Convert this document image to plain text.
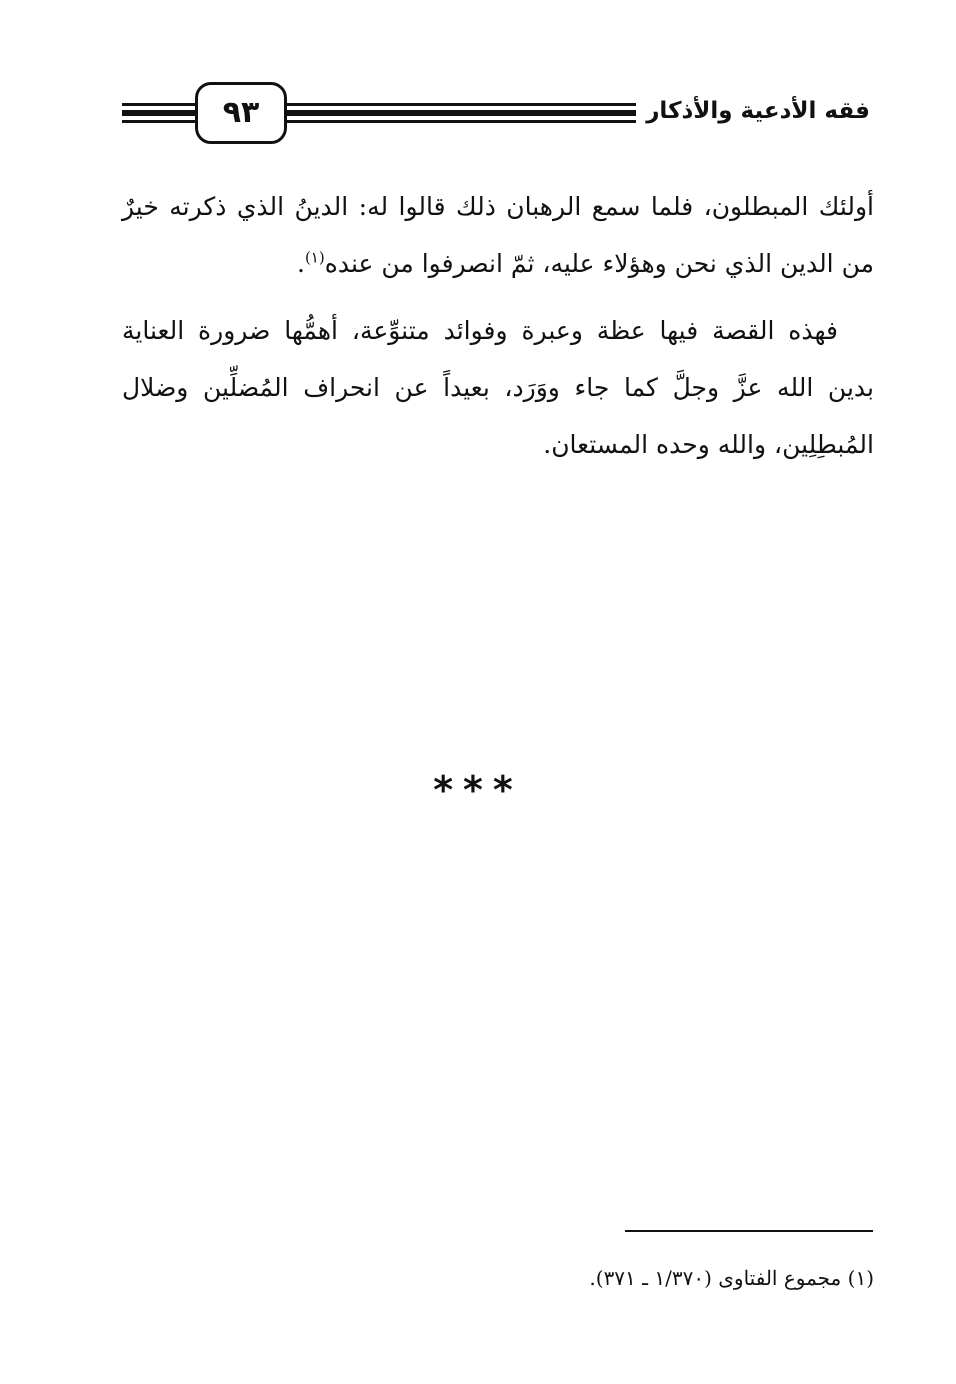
٩٣	فقه الأدعية والأذكار

أولئك المبطلون، فلما سمع الرهبان ذلك قالوا له: الدينُ الذي ذكرته خيرٌ من الدين الذي نحن وهؤلاء عليه، ثمّ انصرفوا من عنده$^{(١)}$.

فهذه القصة فيها عظة وعبرة وفوائد متنوِّعة، أهمُّها ضرورة العناية بدين الله عزَّ وجلَّ كما جاء ووَرَد، بعيداً عن انحراف المُضلِّين وضلال المُبطِلِين، والله وحده المستعان.

***
(١) مجموع الفتاوى (١/٣٧٠ ـ ٣٧١).
